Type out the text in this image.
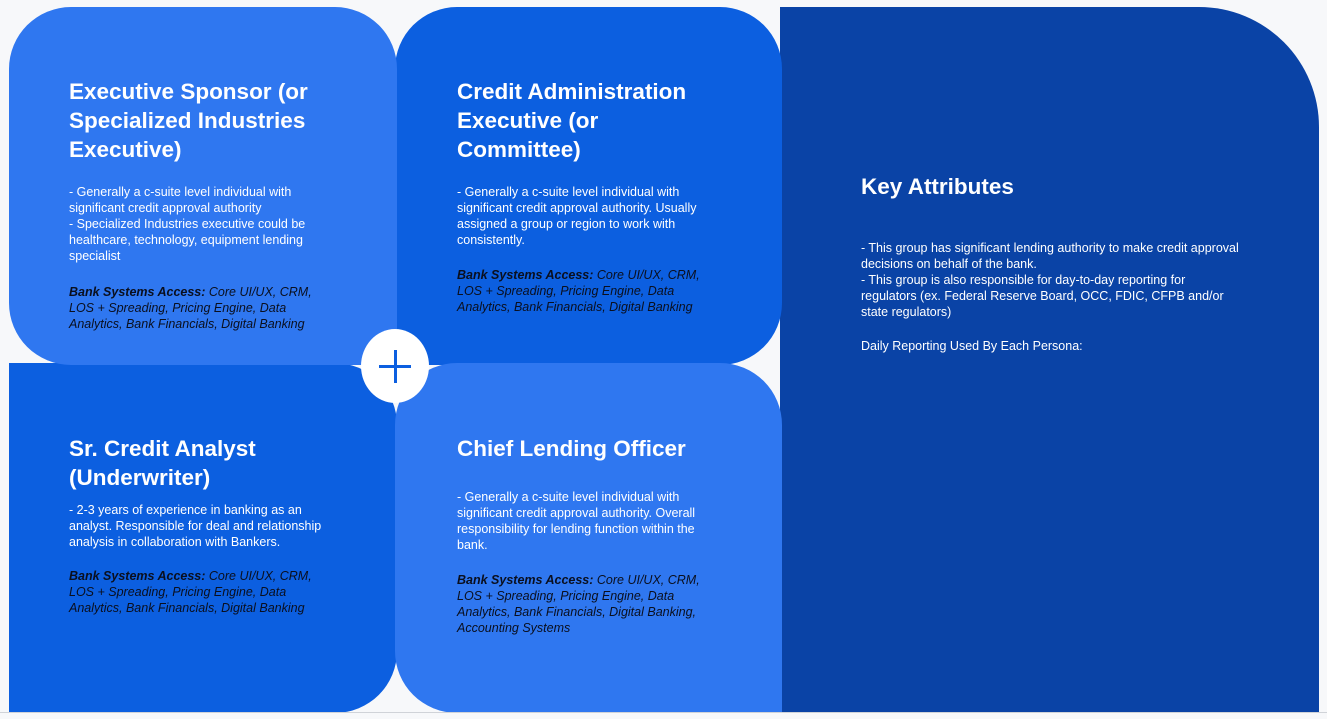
Key Attributes

- This group has significant lending authority to make credit approval decisions on behalf of the bank.

- This group is also responsible for day-to-day reporting for regulators (ex. Federal Reserve Board, OCC, FDIC, CFPB and/or state regulators)

Daily Reporting Used By Each Persona:

Executive Sponsor (or Specialized Industries Executive)

- Generally a c-suite level individual with significant credit approval authority

- Specialized Industries executive could be healthcare, technology, equipment lending specialist

Bank Systems Access: Core UI/UX, CRM, LOS + Spreading, Pricing Engine, Data Analytics, Bank Financials, Digital Banking

Credit Administration Executive (or Committee)

- Generally a c-suite level individual with significant credit approval authority. Usually assigned a group or region to work with consistently.

Bank Systems Access: Core UI/UX, CRM, LOS + Spreading, Pricing Engine, Data Analytics, Bank Financials, Digital Banking

Sr. Credit Analyst (Underwriter)

- 2-3 years of experience in banking as an analyst. Responsible for deal and relationship analysis in collaboration with Bankers.

Bank Systems Access: Core UI/UX, CRM, LOS + Spreading, Pricing Engine, Data Analytics, Bank Financials, Digital Banking

Chief Lending Officer

- Generally a c-suite level individual with significant credit approval authority. Overall responsibility for lending function within the bank.

Bank Systems Access: Core UI/UX, CRM, LOS + Spreading, Pricing Engine, Data Analytics, Bank Financials, Digital Banking, Accounting Systems
